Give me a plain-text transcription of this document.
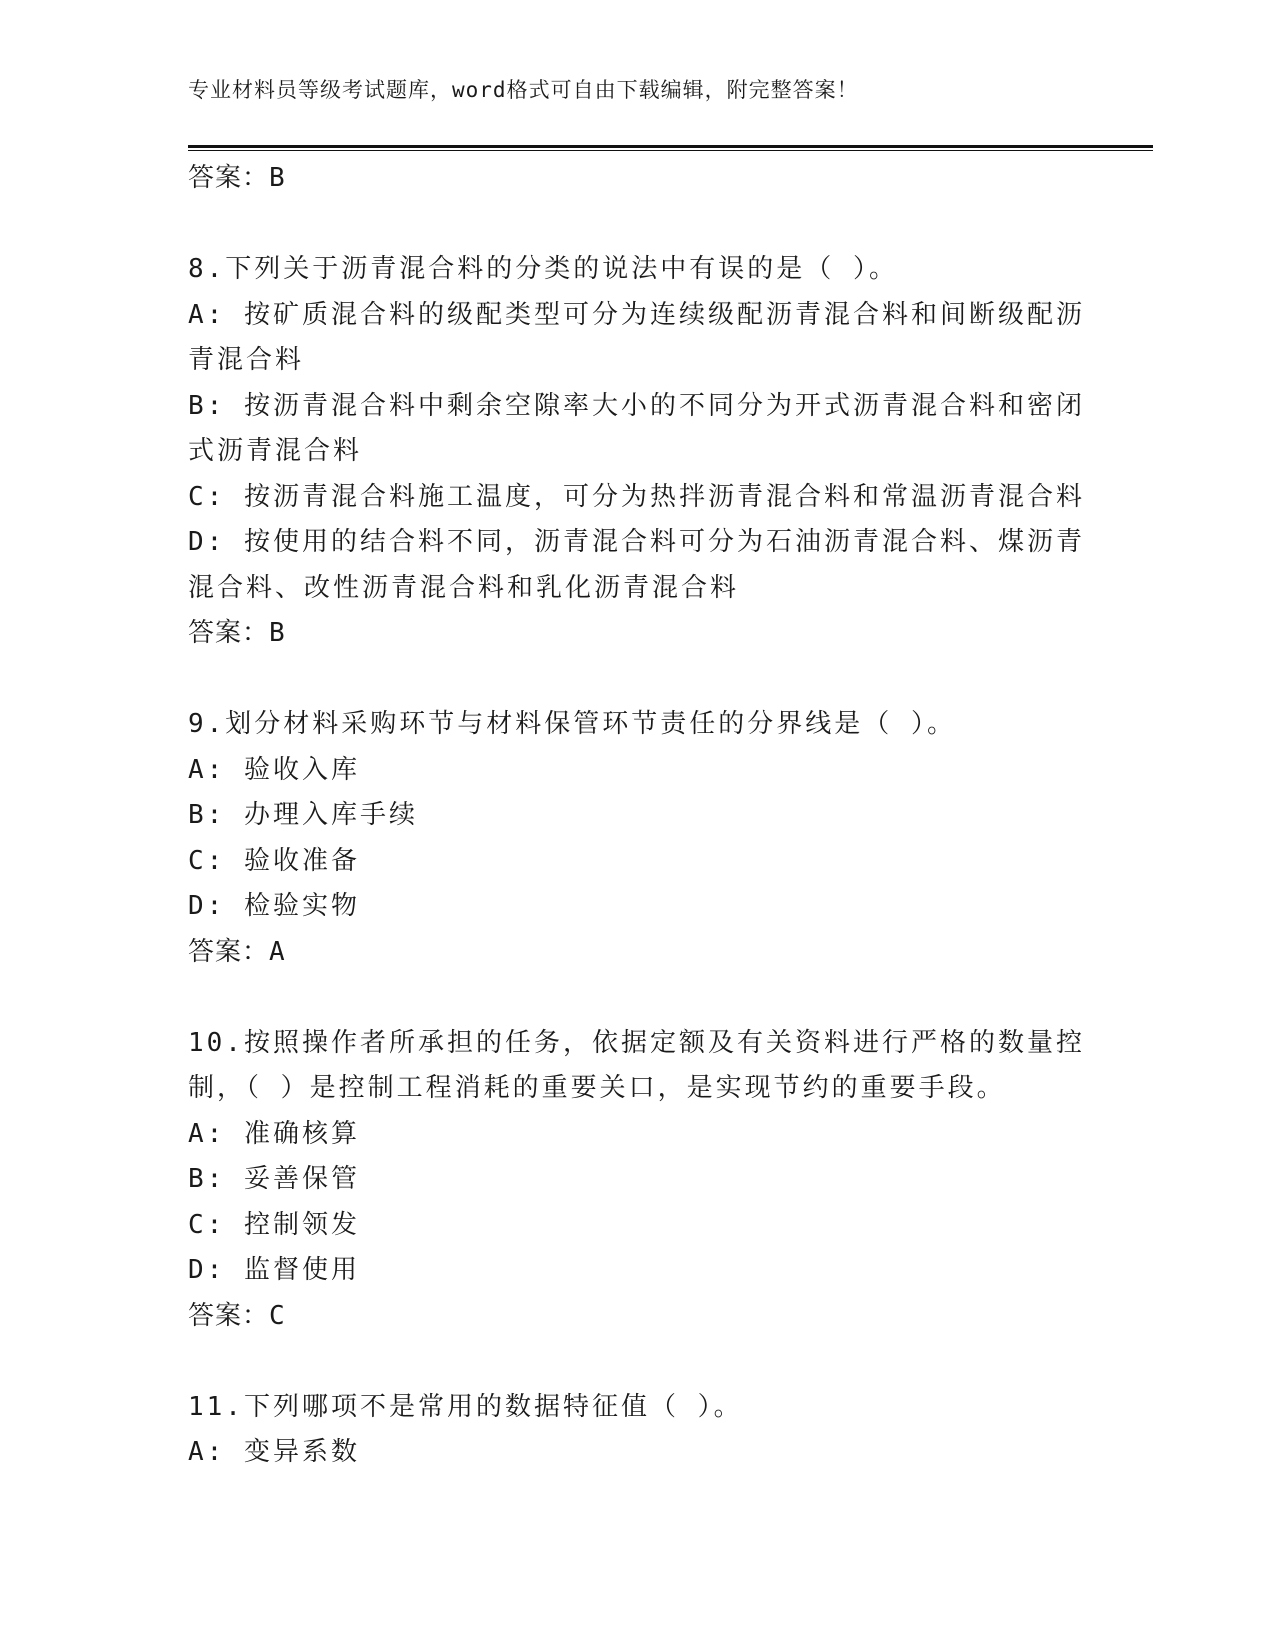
专业材料员等级考试题库，word格式可自由下载编辑，附完整答案！
答案：B
8.下列关于沥青混合料的分类的说法中有误的是（ ）。
A: 按矿质混合料的级配类型可分为连续级配沥青混合料和间断级配沥
青混合料
B: 按沥青混合料中剩余空隙率大小的不同分为开式沥青混合料和密闭
式沥青混合料
C: 按沥青混合料施工温度，可分为热拌沥青混合料和常温沥青混合料
D: 按使用的结合料不同，沥青混合料可分为石油沥青混合料、煤沥青
混合料、改性沥青混合料和乳化沥青混合料
答案：B
9.划分材料采购环节与材料保管环节责任的分界线是（ ）。
A: 验收入库
B: 办理入库手续
C: 验收准备
D: 检验实物
答案：A
10.按照操作者所承担的任务，依据定额及有关资料进行严格的数量控
制，（ ）是控制工程消耗的重要关口，是实现节约的重要手段。
A: 准确核算
B: 妥善保管
C: 控制领发
D: 监督使用
答案：C
11.下列哪项不是常用的数据特征值（ ）。
A: 变异系数
